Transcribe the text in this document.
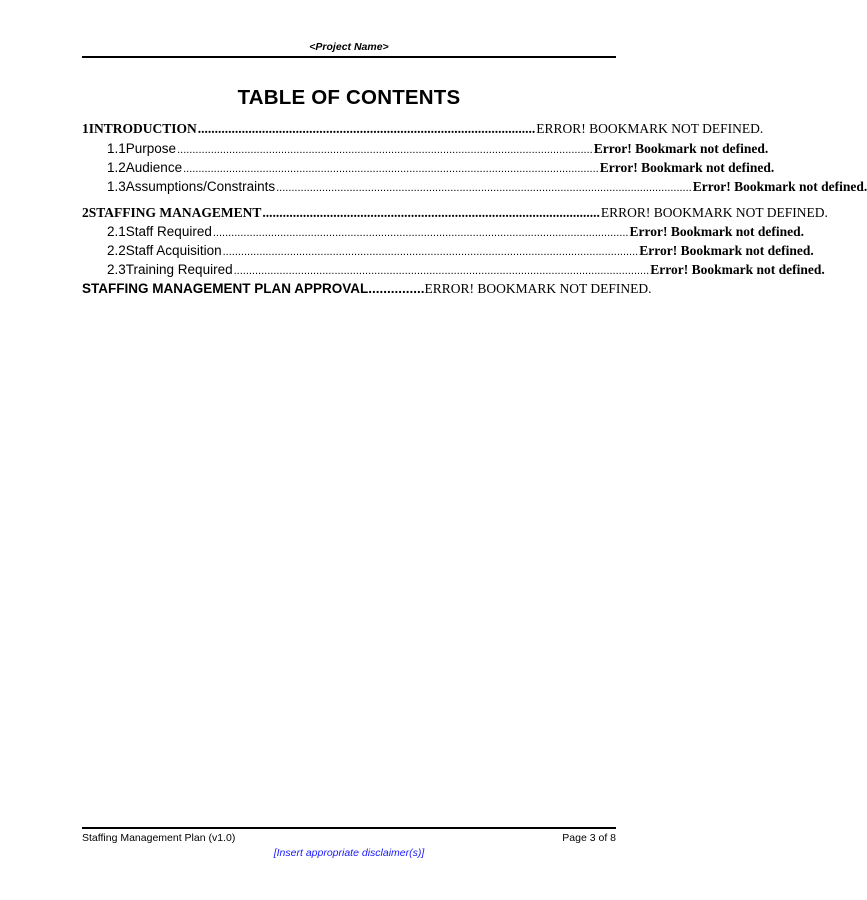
<Project Name>
TABLE OF CONTENTS
1 INTRODUCTION .................................................................................................... ERROR! BOOKMARK NOT DEFINED.
1.1 Purpose ........................................................................................................................................ Error! Bookmark not defined.
1.2 Audience ........................................................................................................................................ Error! Bookmark not defined.
1.3 Assumptions/Constraints ........................................................................................................................................ Error! Bookmark not defined.
2 STAFFING MANAGEMENT .................................................................................................... ERROR! BOOKMARK NOT DEFINED.
2.1 Staff Required ........................................................................................................................................ Error! Bookmark not defined.
2.2 Staff Acquisition ........................................................................................................................................ Error! Bookmark not defined.
2.3 Training Required ........................................................................................................................................ Error! Bookmark not defined.
STAFFING MANAGEMENT PLAN APPROVAL ............... ERROR! BOOKMARK NOT DEFINED.
Staffing Management Plan (v1.0)	Page 3 of 8
[Insert appropriate disclaimer(s)]
